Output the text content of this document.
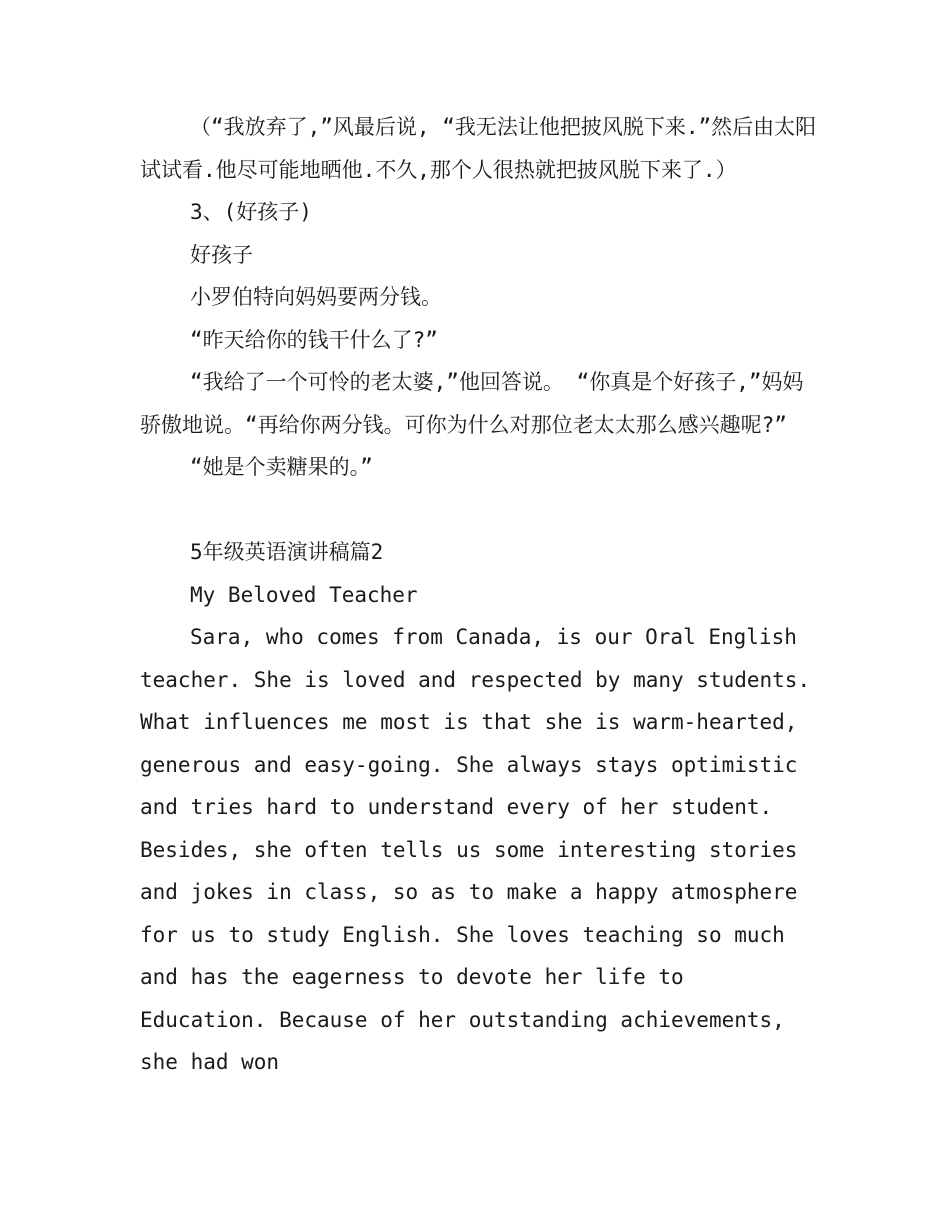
（“我放弃了,”风最后说, “我无法让他把披风脱下来.”然后由太阳试试看.他尽可能地晒他.不久,那个人很热就把披风脱下来了.）

3、(好孩子)

好孩子

小罗伯特向妈妈要两分钱。

“昨天给你的钱干什么了?”

“我给了一个可怜的老太婆,”他回答说。 “你真是个好孩子,”妈妈骄傲地说。“再给你两分钱。可你为什么对那位老太太那么感兴趣呢?”

“她是个卖糖果的。”

5年级英语演讲稿篇2

My Beloved Teacher

Sara, who comes from Canada, is our Oral English teacher. She is loved and respected by many students. What influences me most is that she is warm-hearted, generous and easy-going. She always stays optimistic and tries hard to understand every of her student. Besides, she often tells us some interesting stories and jokes in class, so as to make a happy atmosphere for us to study English. She loves teaching so much and has the eagerness to devote her life to Education. Because of her outstanding achievements, she had won
